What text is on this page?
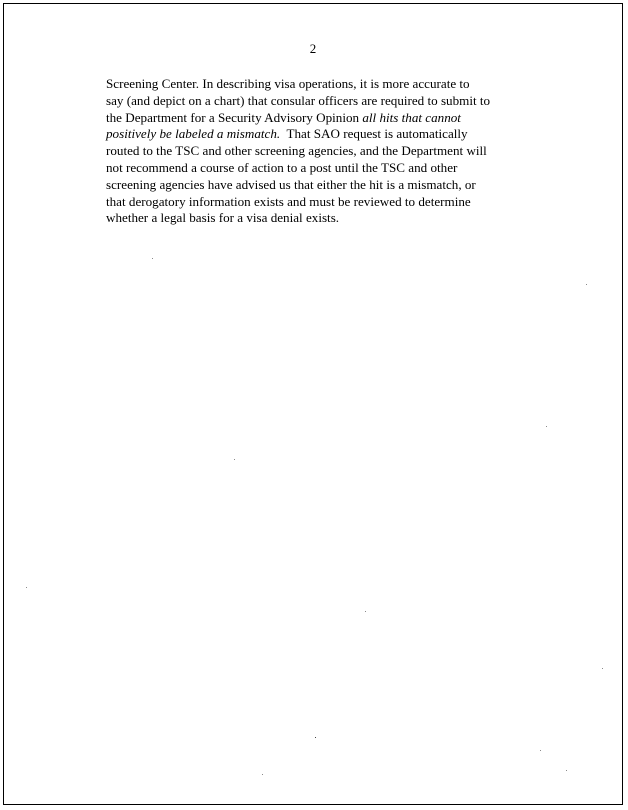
2

Screening Center. In describing visa operations, it is more accurate to
say (and depict on a chart) that consular officers are required to submit to
the Department for a Security Advisory Opinion all hits that cannot
positively be labeled a mismatch.  That SAO request is automatically
routed to the TSC and other screening agencies, and the Department will
not recommend a course of action to a post until the TSC and other
screening agencies have advised us that either the hit is a mismatch, or
that derogatory information exists and must be reviewed to determine
whether a legal basis for a visa denial exists.
